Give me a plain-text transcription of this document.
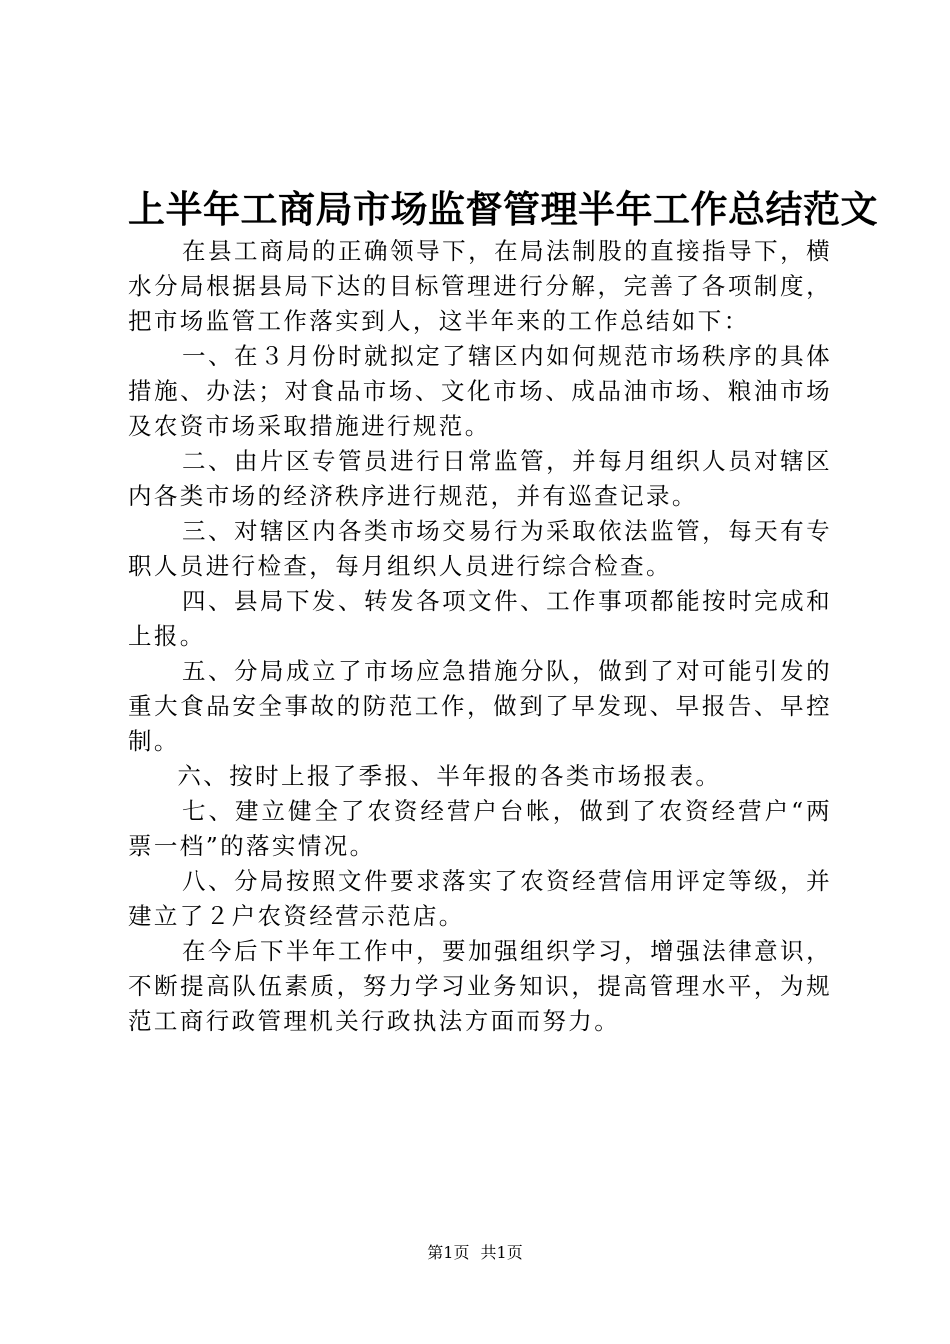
上半年工商局市场监督管理半年工作总结范文

在县工商局的正确领导下，在局法制股的直接指导下，横水分局根据县局下达的目标管理进行分解，完善了各项制度，把市场监管工作落实到人，这半年来的工作总结如下：

一、在３月份时就拟定了辖区内如何规范市场秩序的具体措施、办法；对食品市场、文化市场、成品油市场、粮油市场及农资市场采取措施进行规范。

二、由片区专管员进行日常监管，并每月组织人员对辖区内各类市场的经济秩序进行规范，并有巡查记录。

三、对辖区内各类市场交易行为采取依法监管，每天有专职人员进行检查，每月组织人员进行综合检查。

四、县局下发、转发各项文件、工作事项都能按时完成和上报。

五、分局成立了市场应急措施分队，做到了对可能引发的重大食品安全事故的防范工作，做到了早发现、早报告、早控制。

六、按时上报了季报、半年报的各类市场报表。

七、建立健全了农资经营户台帐，做到了农资经营户“两票一档”的落实情况。

八、分局按照文件要求落实了农资经营信用评定等级，并建立了２户农资经营示范店。

在今后下半年工作中，要加强组织学习，增强法律意识，不断提高队伍素质，努力学习业务知识，提高管理水平，为规范工商行政管理机关行政执法方面而努力。

第1页 共1页
